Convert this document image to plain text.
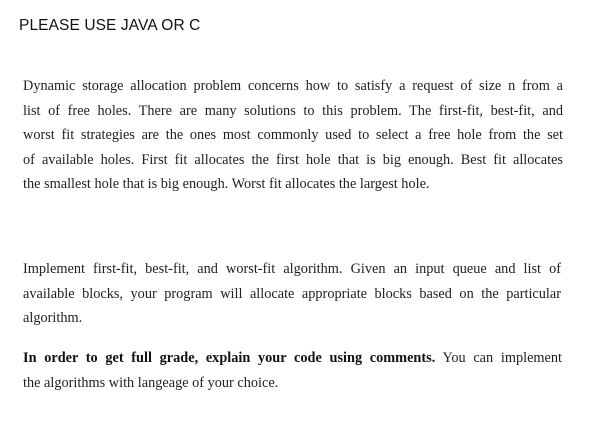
PLEASE USE JAVA OR C
Dynamic storage allocation problem concerns how to satisfy a request of size n from a
list of free holes. There are many solutions to this problem. The first-fit, best-fit, and
worst fit strategies are the ones most commonly used to select a free hole from the set
of available holes. First fit allocates the first hole that is big enough. Best fit allocates
the smallest hole that is big enough. Worst fit allocates the largest hole.
Implement first-fit, best-fit, and worst-fit algorithm. Given an input queue and list of
available blocks, your program will allocate appropriate blocks based on the particular
algorithm.
In order to get full grade, explain your code using comments. You can implement
the algorithms with langeage of your choice.
